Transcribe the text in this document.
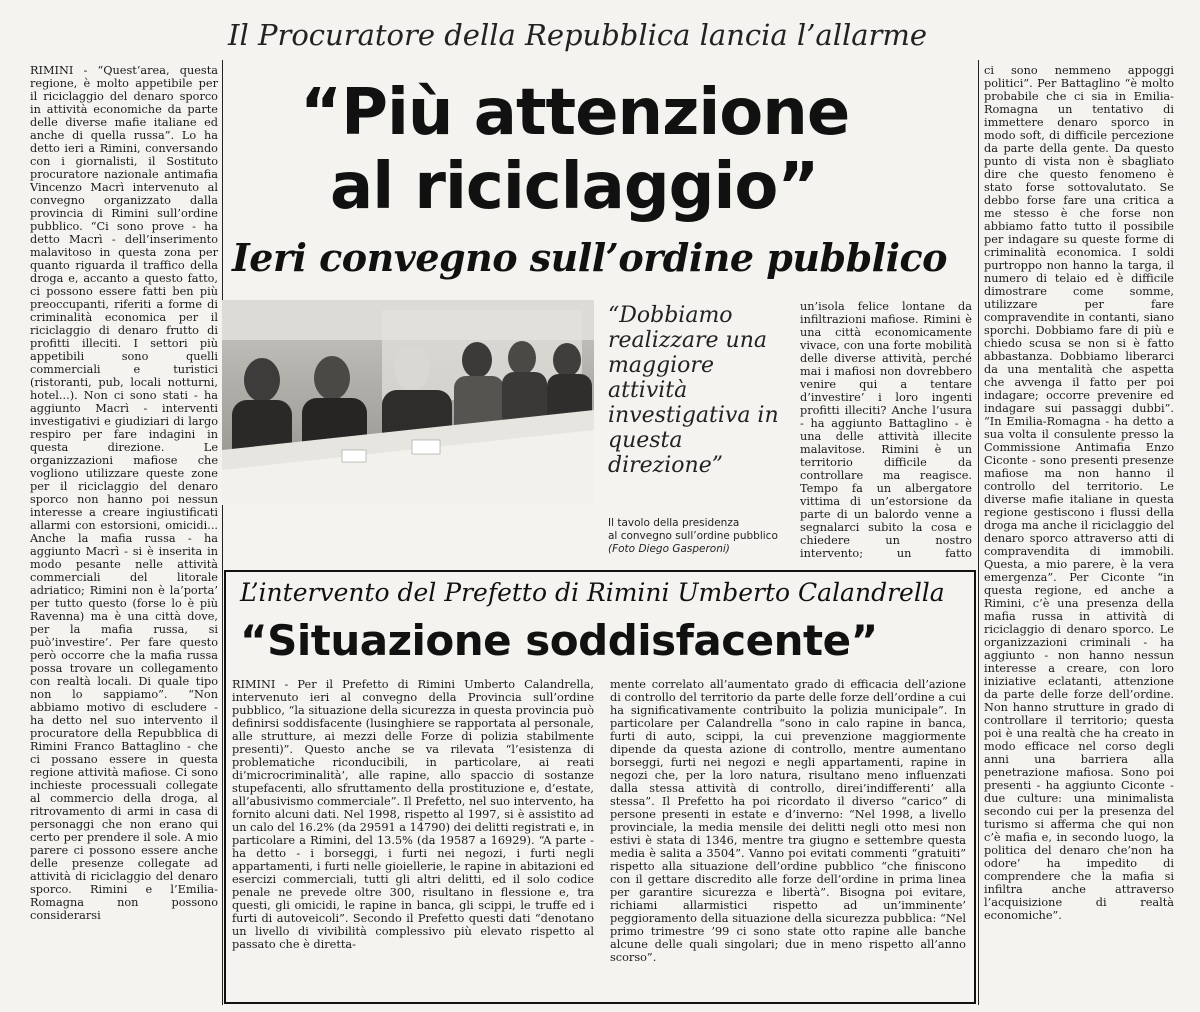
Il Procuratore della Repubblica lancia l’allarme

RIMINI - “Quest’area, questa regione, è molto appetibile per il riciclaggio del denaro sporco in attività economiche da parte delle diverse mafie italiane ed anche di quella russa”. Lo ha detto ieri a Rimini, conversando con i giornalisti, il Sostituto procuratore nazionale antimafia Vincenzo Macrì intervenuto al convegno organizzato dalla provincia di Rimini sull’ordine pubblico. “Ci sono prove - ha detto Macrì - dell’inserimento malavitoso in questa zona per quanto riguarda il traffico della droga e, accanto a questo fatto, ci possono essere fatti ben più preoccupanti, riferiti a forme di criminalità economica per il riciclaggio di denaro frutto di profitti illeciti. I settori più appetibili sono quelli commerciali e turistici (ristoranti, pub, locali notturni, hotel...). Non ci sono stati - ha aggiunto Macrì - interventi investigativi e giudiziari di largo respiro per fare indagini in questa direzione. Le organizzazioni mafiose che vogliono utilizzare queste zone per il riciclaggio del denaro sporco non hanno poi nessun interesse a creare ingiustificati allarmi con estorsioni, omicidi... Anche la mafia russa - ha aggiunto Macrì - si è inserita in modo pesante nelle attività commerciali del litorale adriatico; Rimini non è la’porta’ per tutto questo (forse lo è più Ravenna) ma è una città dove, per la mafia russa, si può’investire’. Per fare questo però occorre che la mafia russa possa trovare un collegamento con realtà locali. Di quale tipo non lo sappiamo”. “Non abbiamo motivo di escludere - ha detto nel suo intervento il procuratore della Repubblica di Rimini Franco Battaglino - che ci possano essere in questa regione attività mafiose. Ci sono inchieste processuali collegate al commercio della droga, al ritrovamento di armi in casa di personaggi che non erano qui certo per prendere il sole. A mio parere ci possono essere anche delle presenze collegate ad attività di riciclaggio del denaro sporco. Rimini e l’Emilia-Romagna non possono considerarsi

“Più attenzione
al riciclaggio”
Ieri convegno sull’ordine pubblico
“Dobbiamo realizzare una maggiore attività investigativa in questa direzione”
Il tavolo della presidenza
al convegno sull’ordine pubblico
(Foto Diego Gasperoni)

un’isola felice lontane da infiltrazioni mafiose. Rimini è una città economicamente vivace, con una forte mobilità delle diverse attività, perché mai i mafiosi non dovrebbero venire qui a tentare d’investire’ i loro ingenti profitti illeciti? Anche l’usura - ha aggiunto Battaglino - è una delle attività illecite malavitose. Rimini è un territorio difficile da controllare ma reagisce. Tempo fa un albergatore vittima di un’estorsione da parte di un balordo venne a segnalarci subito la cosa e chiedere un nostro intervento; un fatto

ci sono nemmeno appoggi politici”. Per Battaglino “è molto probabile che ci sia in Emilia-Romagna un tentativo di immettere denaro sporco in modo soft, di difficile percezione da parte della gente. Da questo punto di vista non è sbagliato dire che questo fenomeno è stato forse sottovalutato. Se debbo forse fare una critica a me stesso è che forse non abbiamo fatto tutto il possibile per indagare su queste forme di criminalità economica. I soldi purtroppo non hanno la targa, il numero di telaio ed è difficile dimostrare come somme, utilizzare per fare compravendite in contanti, siano sporchi. Dobbiamo fare di più e chiedo scusa se non si è fatto abbastanza. Dobbiamo liberarci da una mentalità che aspetta che avvenga il fatto per poi indagare; occorre prevenire ed indagare sui passaggi dubbi”. “In Emilia-Romagna - ha detto a sua volta il consulente presso la Commissione Antimafia Enzo Ciconte - sono presenti presenze mafiose ma non hanno il controllo del territorio. Le diverse mafie italiane in questa regione gestiscono i flussi della droga ma anche il riciclaggio del denaro sporco attraverso atti di compravendita di immobili. Questa, a mio parere, è la vera emergenza”. Per Ciconte “in questa regione, ed anche a Rimini, c’è una presenza della mafia russa in attività di riciclaggio di denaro sporco. Le organizzazioni criminali - ha aggiunto - non hanno nessun interesse a creare, con loro iniziative eclatanti, attenzione da parte delle forze dell’ordine. Non hanno strutture in grado di controllare il territorio; questa poi è una realtà che ha creato in modo efficace nel corso degli anni una barriera alla penetrazione mafiosa. Sono poi presenti - ha aggiunto Ciconte - due culture: una minimalista secondo cui per la presenza del turismo si afferma che qui non c’è mafia e, in secondo luogo, la politica del denaro che’non ha odore’ ha impedito di comprendere che la mafia si infiltra anche attraverso l’acquisizione di realtà economiche”.

L’intervento del Prefetto di Rimini Umberto Calandrella
“Situazione soddisfacente”

RIMINI - Per il Prefetto di Rimini Umberto Calandrella, intervenuto ieri al convegno della Provincia sull’ordine pubblico, “la situazione della sicurezza in questa provincia può definirsi soddisfacente (lusinghiere se rapportata al personale, alle strutture, ai mezzi delle Forze di polizia stabilmente presenti)”. Questo anche se va rilevata “l’esistenza di problematiche riconducibili, in particolare, ai reati di’microcriminalità’, alle rapine, allo spaccio di sostanze stupefacenti, allo sfruttamento della prostituzione e, d’estate, all’abusivismo commerciale”. Il Prefetto, nel suo intervento, ha fornito alcuni dati. Nel 1998, rispetto al 1997, si è assistito ad un calo del 16.2% (da 29591 a 14790) dei delitti registrati e, in particolare a Rimini, del 13.5% (da 19587 a 16929). “A parte - ha detto - i borseggi, i furti nei negozi, i furti negli appartamenti, i furti nelle gioiellerie, le rapine in abitazioni ed esercizi commerciali, tutti gli altri delitti, ed il solo codice penale ne prevede oltre 300, risultano in flessione e, tra questi, gli omicidi, le rapine in banca, gli scippi, le truffe ed i furti di autoveicoli”. Secondo il Prefetto questi dati “denotano un livello di vivibilità complessivo più elevato rispetto al passato che è diretta-

mente correlato all’aumentato grado di efficacia dell’azione di controllo del territorio da parte delle forze dell’ordine a cui ha significativamente contribuito la polizia municipale”. In particolare per Calandrella “sono in calo rapine in banca, furti di auto, scippi, la cui prevenzione maggiormente dipende da questa azione di controllo, mentre aumentano borseggi, furti nei negozi e negli appartamenti, rapine in negozi che, per la loro natura, risultano meno influenzati dalla stessa attività di controllo, direi’indifferenti’ alla stessa”. Il Prefetto ha poi ricordato il diverso “carico” di persone presenti in estate e d’inverno: “Nel 1998, a livello provinciale, la media mensile dei delitti negli otto mesi non estivi è stata di 1346, mentre tra giugno e settembre questa media è salita a 3504”. Vanno poi evitati commenti “gratuiti” rispetto alla situazione dell’ordine pubblico “che finiscono con il gettare discredito alle forze dell’ordine in prima linea per garantire sicurezza e libertà”. Bisogna poi evitare, richiami allarmistici rispetto ad un’imminente’ peggioramento della situazione della sicurezza pubblica: “Nel primo trimestre ’99 ci sono state otto rapine alle banche alcune delle quali singolari; due in meno rispetto all’anno scorso”.
